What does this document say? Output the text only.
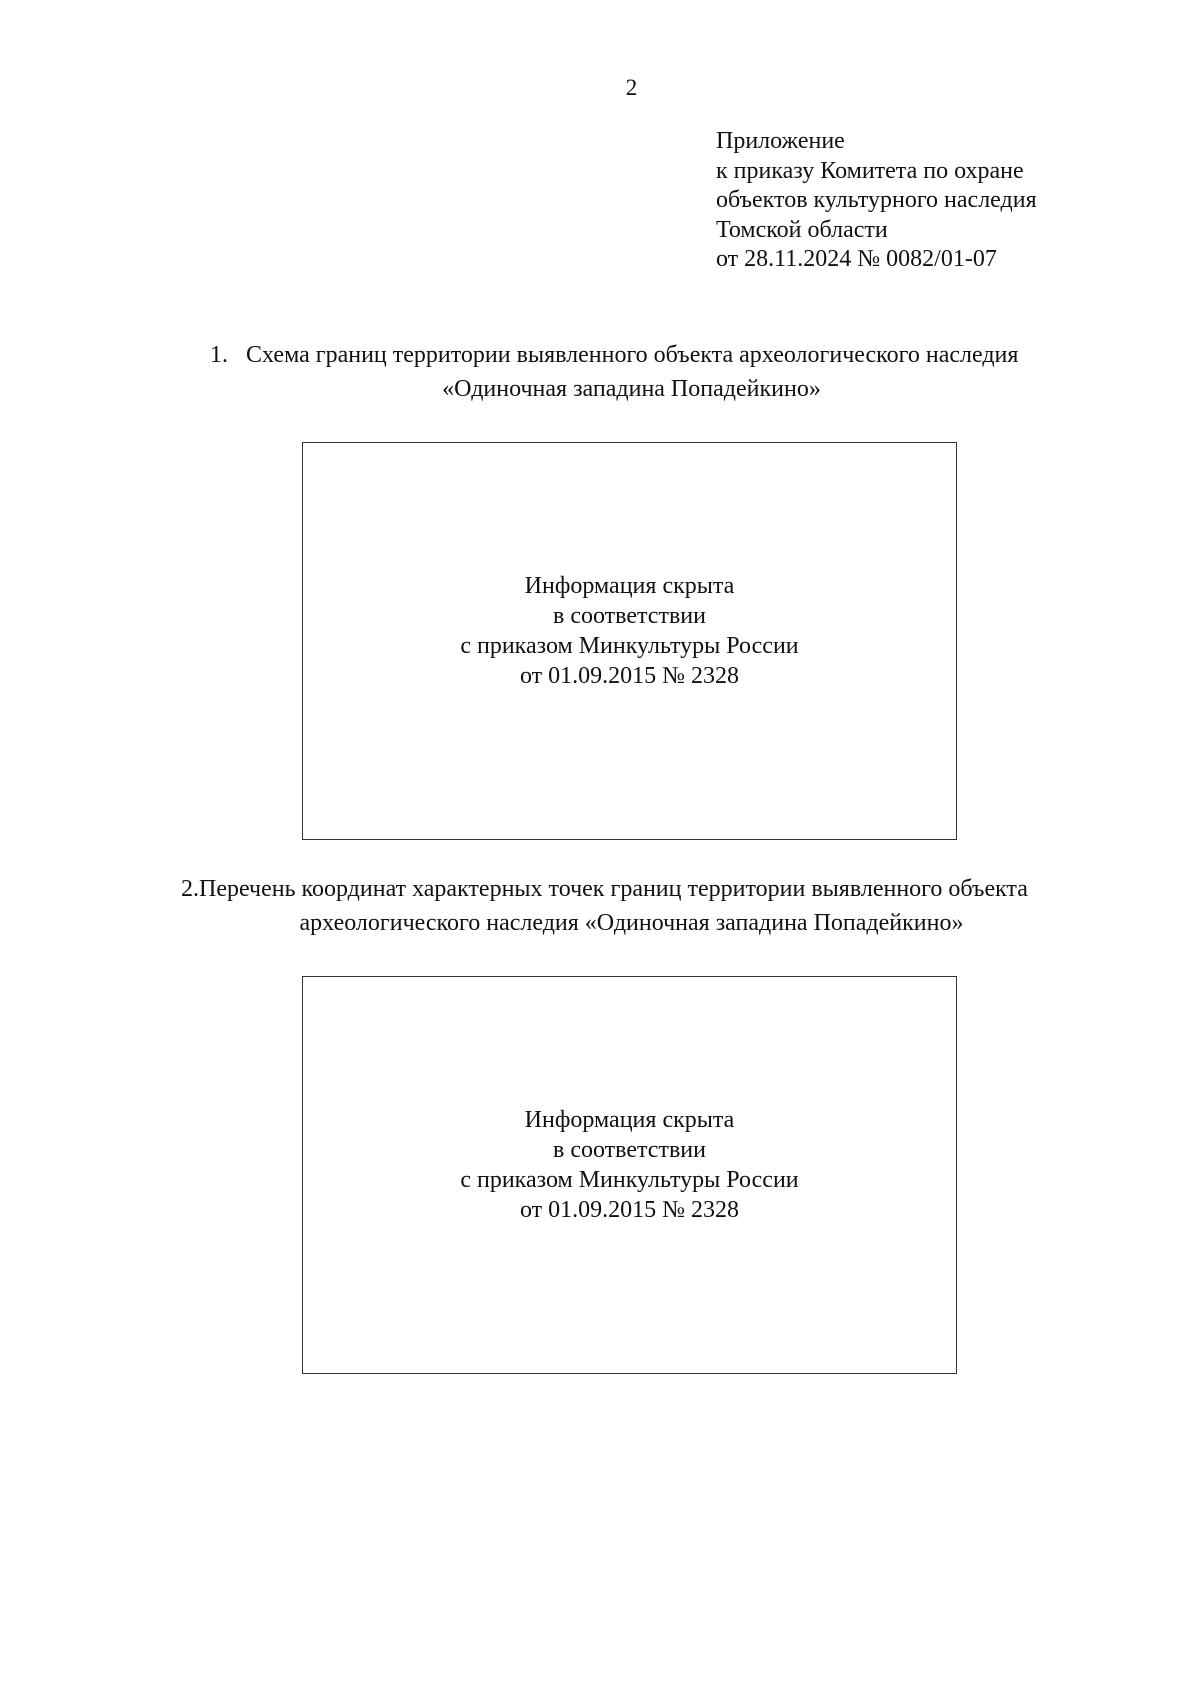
2
Приложение
к приказу Комитета по охране
объектов культурного наследия
Томской области
от 28.11.2024 № 0082/01-07
1. Схема границ территории выявленного объекта археологического наследия
«Одиночная западина Попадейкино»
Информация скрыта
в соответствии
с приказом Минкультуры России
от 01.09.2015 № 2328
2.Перечень координат характерных точек границ территории выявленного объекта
археологического наследия «Одиночная западина Попадейкино»
Информация скрыта
в соответствии
с приказом Минкультуры России
от 01.09.2015 № 2328
